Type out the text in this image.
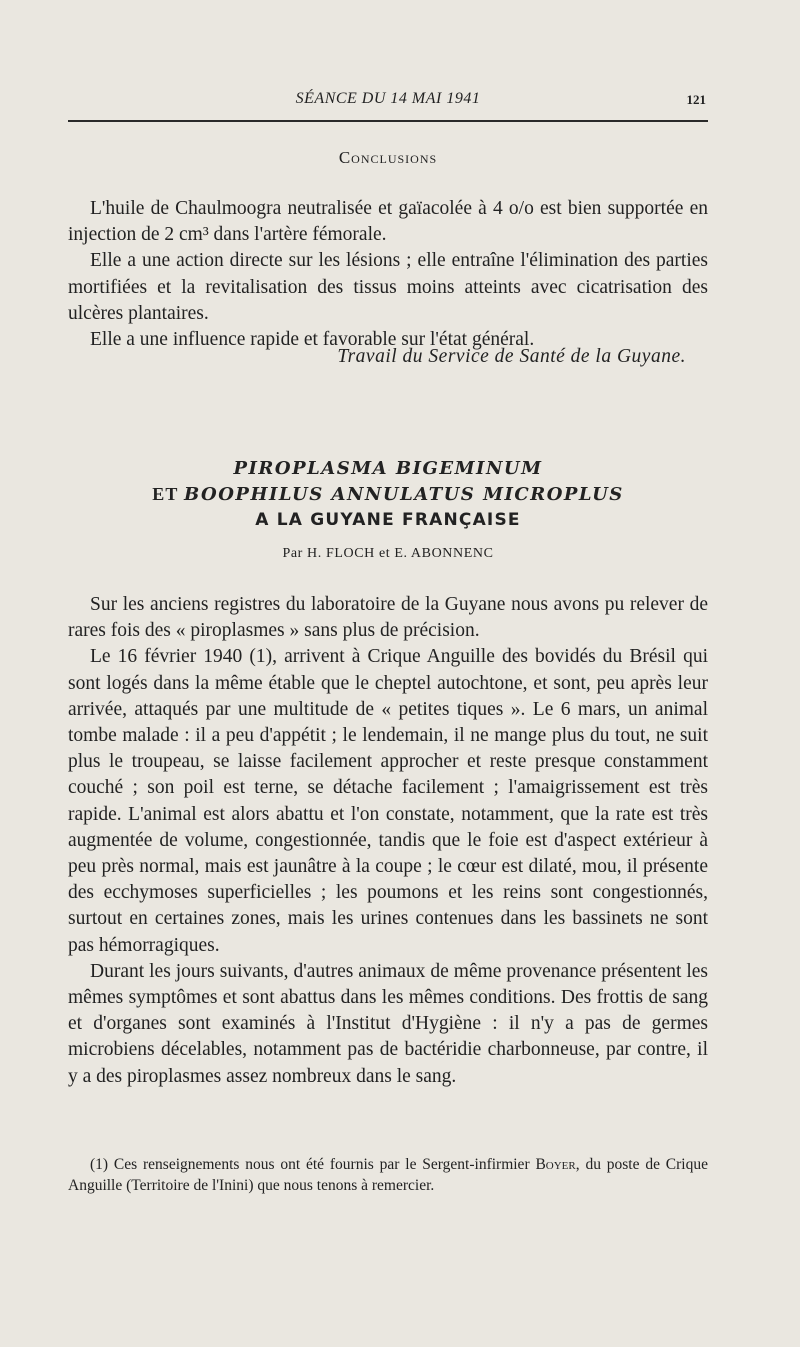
SÉANCE DU 14 MAI 1941	121
Conclusions

L'huile de Chaulmoogra neutralisée et gaïacolée à 4 o/o est bien supportée en injection de 2 cm³ dans l'artère fémorale.

Elle a une action directe sur les lésions ; elle entraîne l'élimination des parties mortifiées et la revitalisation des tissus moins atteints avec cicatrisation des ulcères plantaires.

Elle a une influence rapide et favorable sur l'état général.

Travail du Service de Santé de la Guyane.
PIROPLASMA BIGEMINUM
ET BOOPHILUS ANNULATUS MICROPLUS
A LA GUYANE FRANÇAISE
Par H. FLOCH et E. ABONNENC

Sur les anciens registres du laboratoire de la Guyane nous avons pu relever de rares fois des « piroplasmes » sans plus de précision.

Le 16 février 1940 (1), arrivent à Crique Anguille des bovidés du Brésil qui sont logés dans la même étable que le cheptel autochtone, et sont, peu après leur arrivée, attaqués par une multitude de « petites tiques ». Le 6 mars, un animal tombe malade : il a peu d'appétit ; le lendemain, il ne mange plus du tout, ne suit plus le troupeau, se laisse facilement approcher et reste presque constamment couché ; son poil est terne, se détache facilement ; l'amaigrissement est très rapide. L'animal est alors abattu et l'on constate, notamment, que la rate est très augmentée de volume, congestionnée, tandis que le foie est d'aspect extérieur à peu près normal, mais est jaunâtre à la coupe ; le cœur est dilaté, mou, il présente des ecchymoses superficielles ; les poumons et les reins sont congestionnés, surtout en certaines zones, mais les urines contenues dans les bassinets ne sont pas hémorragiques.

Durant les jours suivants, d'autres animaux de même provenance présentent les mêmes symptômes et sont abattus dans les mêmes conditions. Des frottis de sang et d'organes sont examinés à l'Institut d'Hygiène : il n'y a pas de germes microbiens décelables, notamment pas de bactéridie charbonneuse, par contre, il y a des piroplasmes assez nombreux dans le sang.

(1) Ces renseignements nous ont été fournis par le Sergent-infirmier Boyer, du poste de Crique Anguille (Territoire de l'Inini) que nous tenons à remercier.
